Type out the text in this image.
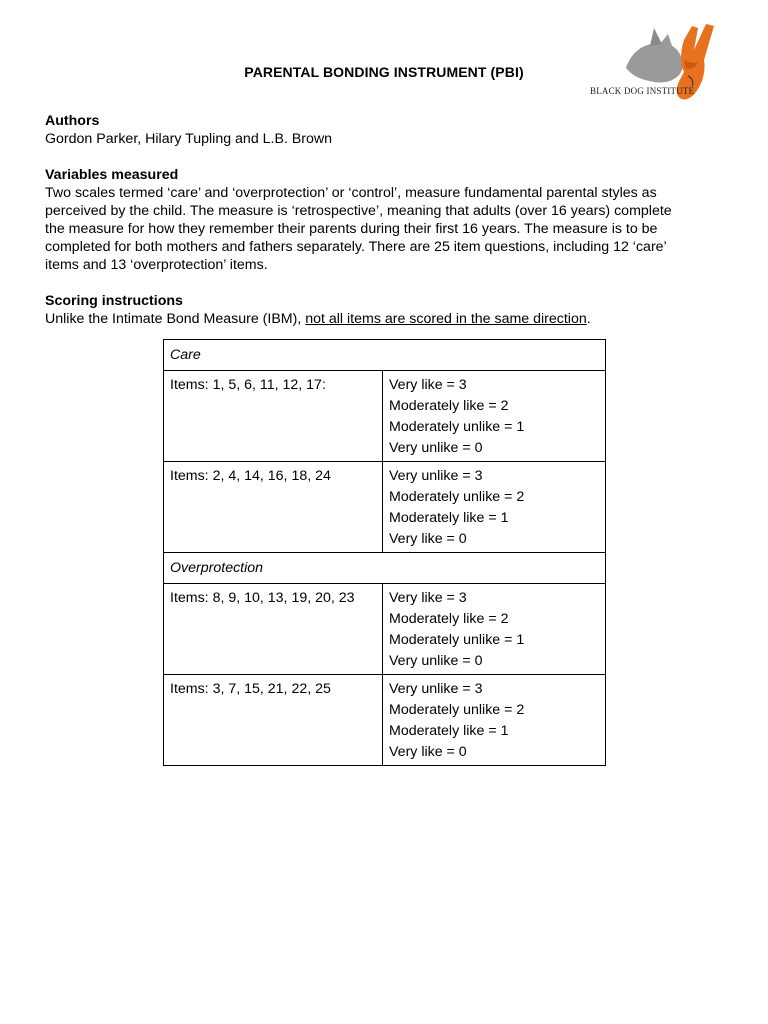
PARENTAL BONDING INSTRUMENT (PBI)
BLACK DOG INSTITUTE

Authors

Gordon Parker, Hilary Tupling and L.B. Brown

Variables measured

Two scales termed ‘care’ and ‘overprotection’ or ‘control’, measure fundamental parental styles as

perceived by the child. The measure is ‘retrospective’, meaning that adults (over 16 years) complete

the measure for how they remember their parents during their first 16 years. The measure is to be

completed for both mothers and fathers separately. There are 25 item questions, including 12 ‘care’

items and 13 ‘overprotection’ items.

Scoring instructions

Unlike the Intimate Bond Measure (IBM), not all items are scored in the same direction.

Care	
Items: 1, 5, 6, 11, 12, 17:	Very like = 3
Moderately like = 2
Moderately unlike = 1
Very unlike = 0

Items: 2, 4, 14, 16, 18, 24	Very unlike = 3
Moderately unlike = 2
Moderately like = 1
Very like = 0

Overprotection	
Items: 8, 9, 10, 13, 19, 20, 23	Very like = 3
Moderately like = 2
Moderately unlike = 1
Very unlike = 0

Items: 3, 7, 15, 21, 22, 25	Very unlike = 3
Moderately unlike = 2
Moderately like = 1
Very like = 0
